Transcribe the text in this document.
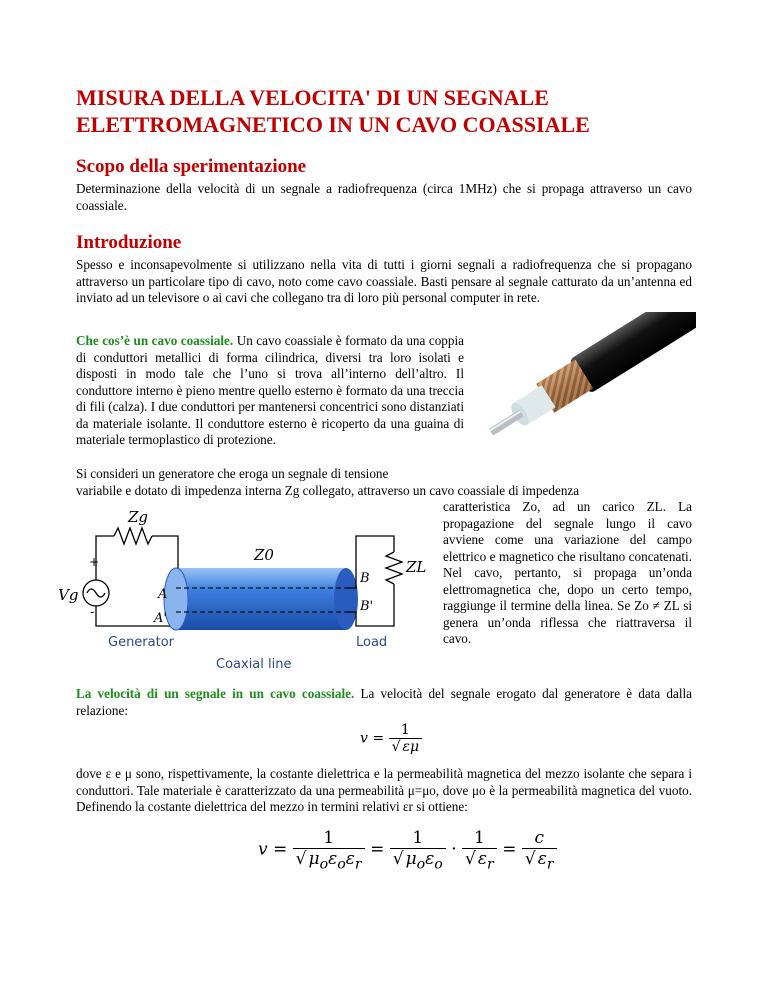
MISURA DELLA VELOCITA' DI UN SEGNALE ELETTROMAGNETICO IN UN CAVO COASSIALE
Scopo della sperimentazione

Determinazione della velocità di un segnale a radiofrequenza (circa 1MHz) che si propaga attraverso un cavo coassiale.

Introduzione

Spesso e inconsapevolmente si utilizzano nella vita di tutti i giorni segnali a radiofrequenza che si propagano attraverso un particolare tipo di cavo, noto come cavo coassiale. Basti pensare al segnale catturato da un’antenna ed inviato ad un televisore o ai cavi che collegano tra di loro più personal computer in rete.

Che cos’è un cavo coassiale. Un cavo coassiale è formato da una coppia di conduttori metallici di forma cilindrica, diversi tra loro isolati e disposti in modo tale che l’uno si trova all’interno dell’altro. Il conduttore interno è pieno mentre quello esterno è formato da una treccia di fili (calza). I due conduttori per mantenersi concentrici sono distanziati da materiale isolante. Il conduttore esterno è ricoperto da una guaina di materiale termoplastico di protezione.

Si consideri un generatore che eroga un segnale di tensione

variabile e dotato di impedenza interna Zg collegato, attraverso un cavo coassiale di impedenza

caratteristica Zo, ad un carico ZL. La propagazione del segnale lungo il cavo avviene come una variazione del campo elettrico e magnetico che risultano concatenati. Nel cavo, pertanto, si propaga un’onda elettromagnetica che, dopo un certo tempo, raggiunge il termine della linea. Se Zo ≠ ZL si genera un’onda riflessa che riattraversa il cavo.

Zg
Vg
+
-
Z0
ZL
A
A'
B
B'
Generator	Load
Coaxial line

La velocità di un segnale in un cavo coassiale. La velocità del segnale erogato dal generatore è data dalla relazione:

$v = \frac{1}{√ \varepsilon\mu}$

dove ε e μ sono, rispettivamente, la costante dielettrica e la permeabilità magnetica del mezzo isolante che separa i conduttori. Tale materiale è caratterizzato da una permeabilità μ=μo, dove μo è la permeabilità magnetica del vuoto. Definendo la costante dielettrica del mezzo in termini relativi εr si ottiene:

$v = \frac{1}{√ \mu_o\varepsilon_o\varepsilon_r} = \frac{1}{√ \mu_o\varepsilon_o} \cdot \frac{1}{√ \varepsilon_r} = \frac{c}{√ \varepsilon_r}$
